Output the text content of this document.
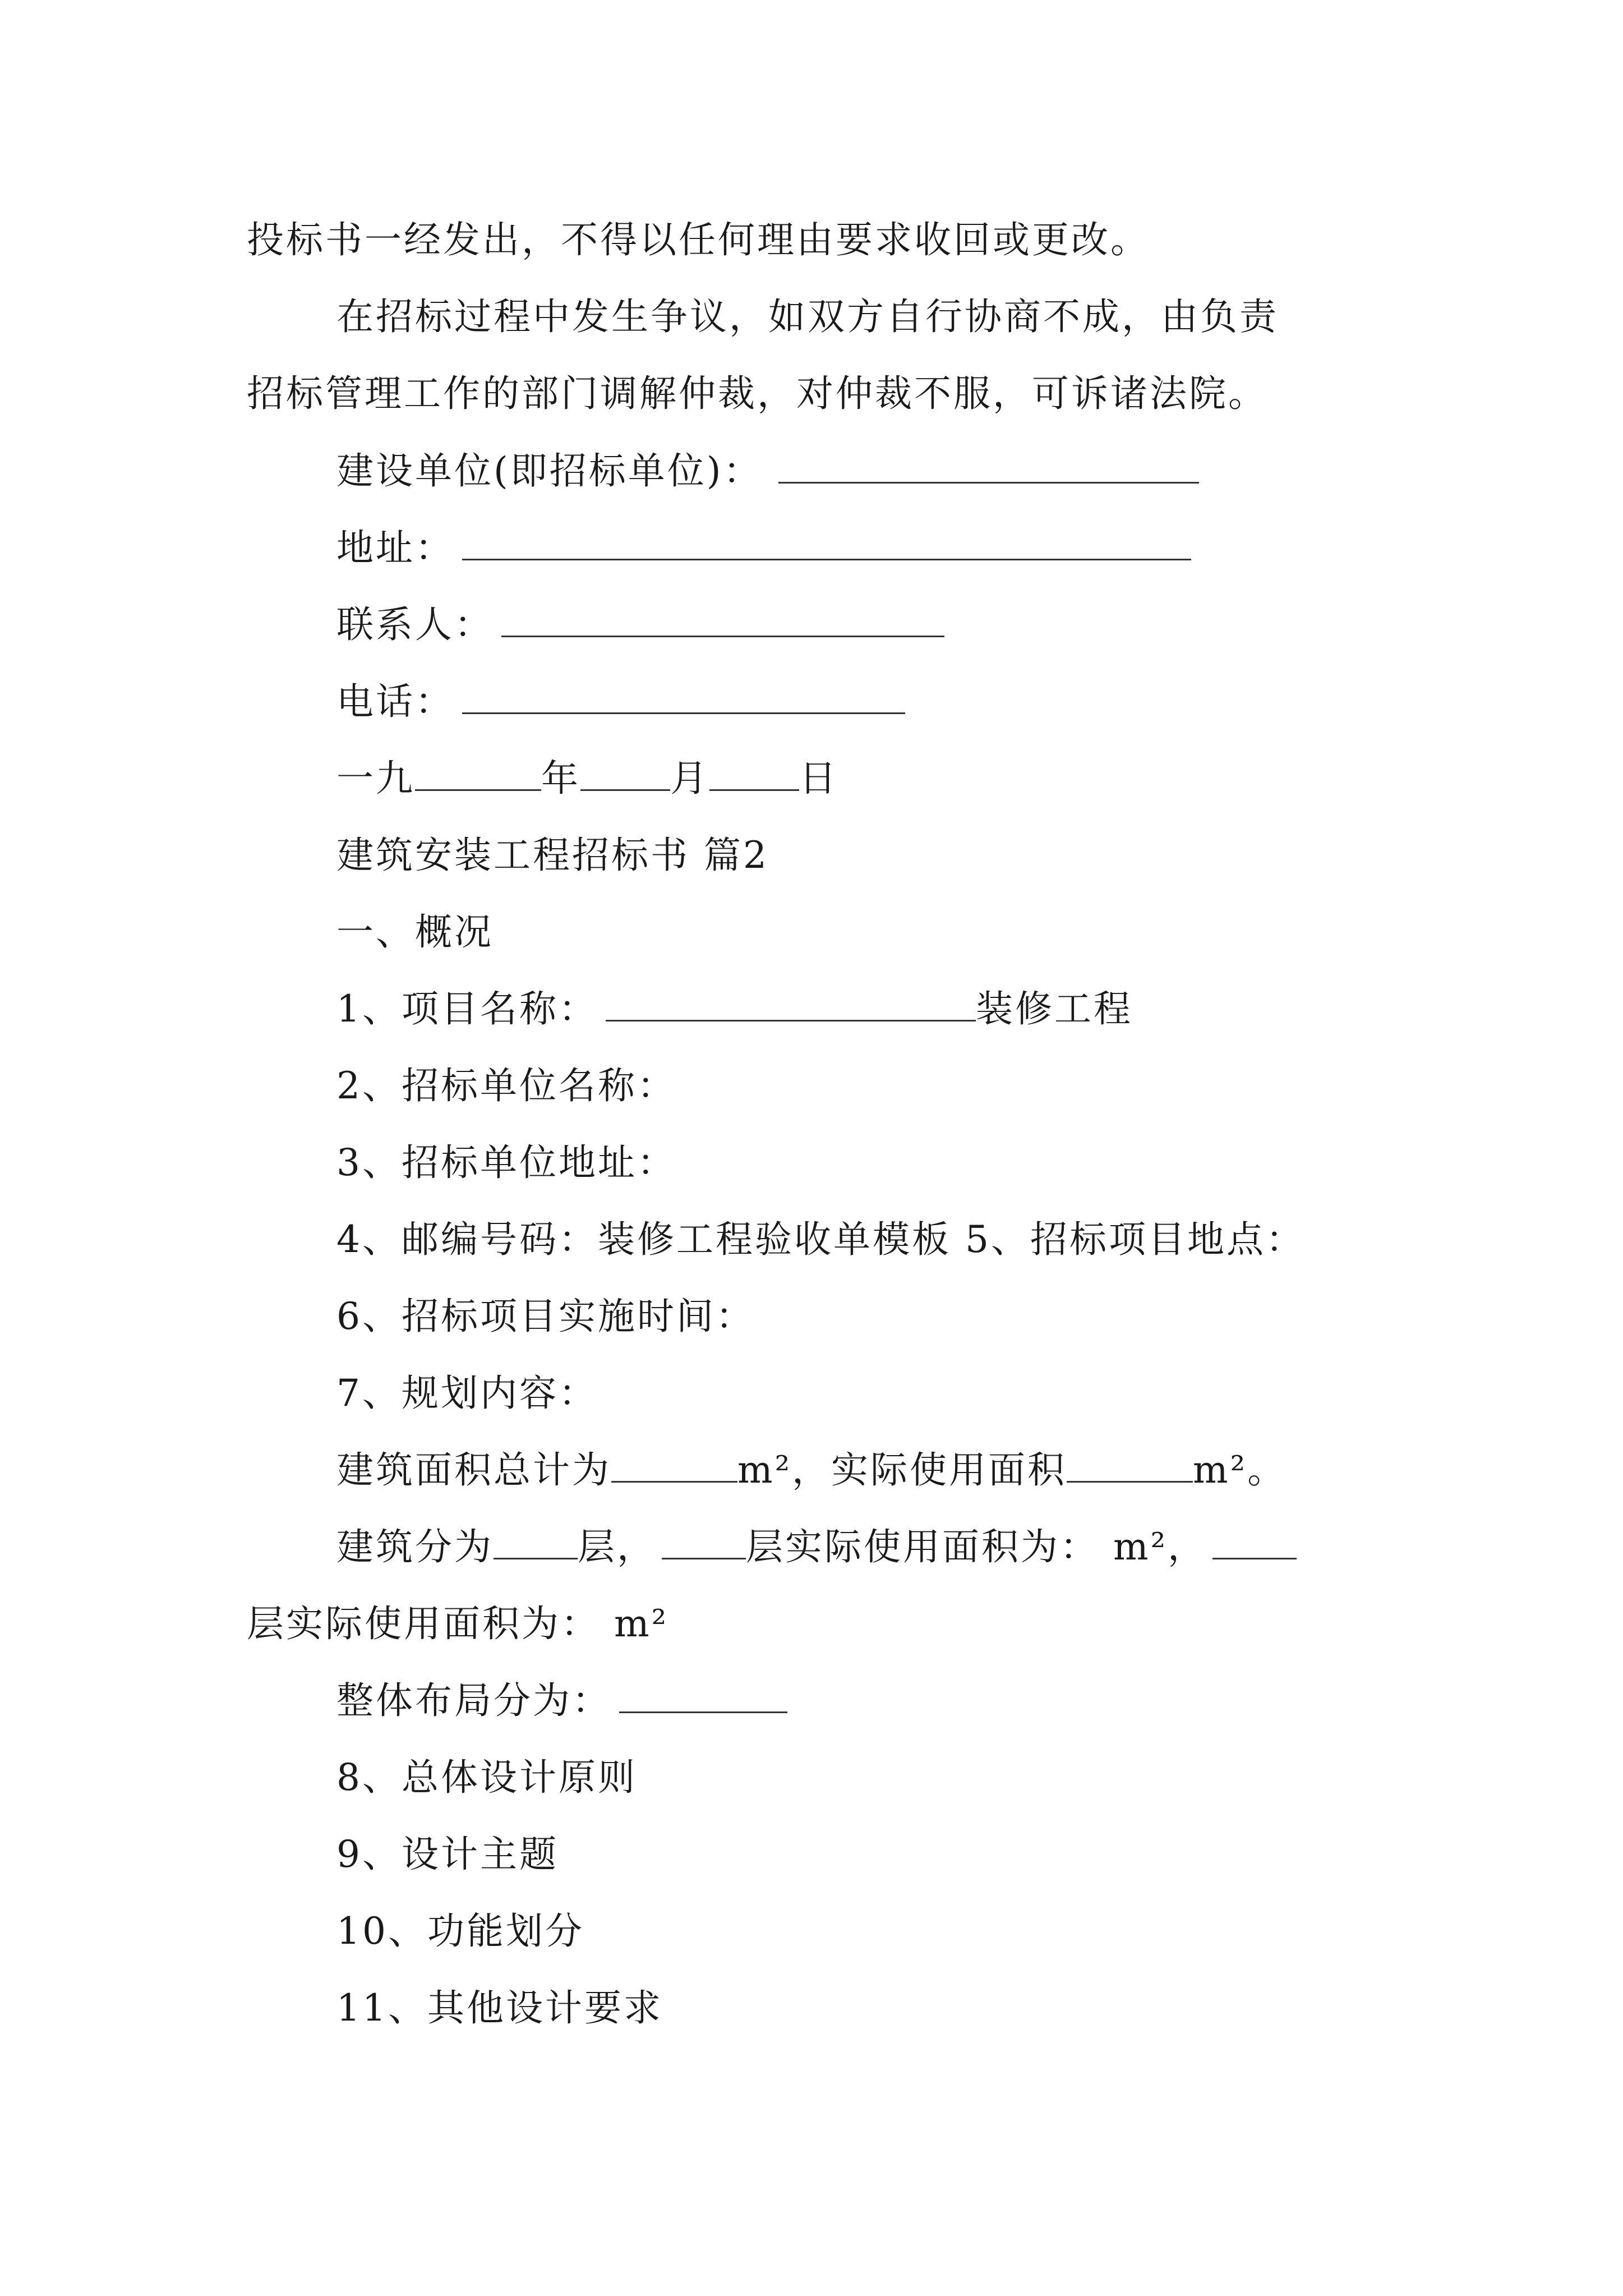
投标书一经发出，不得以任何理由要求收回或更改。
在招标过程中发生争议，如双方自行协商不成，由负责
招标管理工作的部门调解仲裁，对仲裁不服，可诉诸法院。
建设单位(即招标单位)：
地址：
联系人：
电话：
一九	年 月 日
建筑安装工程招标书 篇2
一、概况
1、项目名称：	装修工程
2、招标单位名称：
3、招标单位地址：
4、邮编号码：装修工程验收单模板 5、招标项目地点：
6、招标项目实施时间：
7、规划内容：
建筑面积总计为	m²，实际使用面积	m²。
建筑分为 层， 层实际使用面积为： m²，
层实际使用面积为： m²
整体布局分为：
8、总体设计原则
9、设计主题
10、功能划分
11、其他设计要求
